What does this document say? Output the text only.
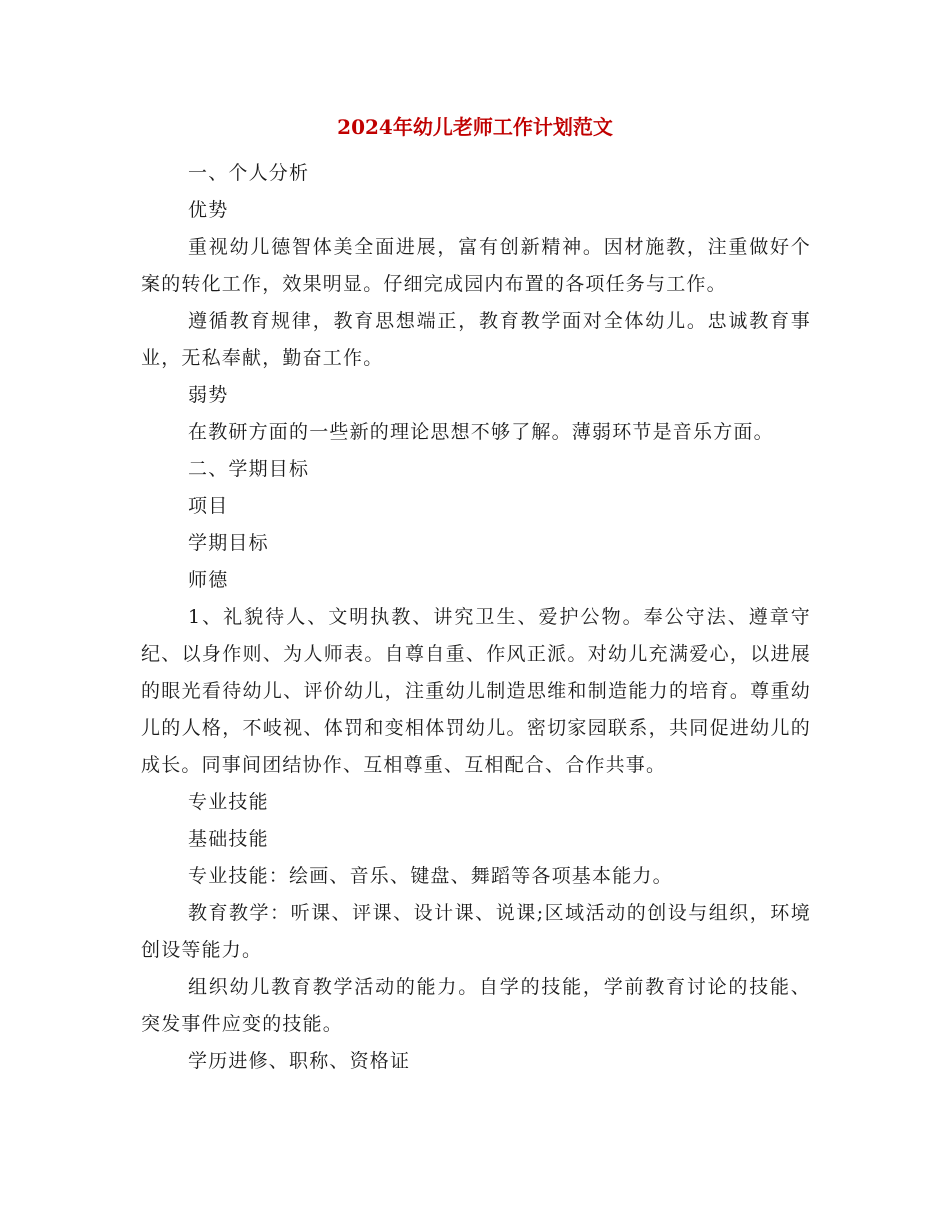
2024年幼儿老师工作计划范文

一、个人分析

优势

重视幼儿德智体美全面进展，富有创新精神。因材施教，注重做好个案的转化工作，效果明显。仔细完成园内布置的各项任务与工作。

遵循教育规律，教育思想端正，教育教学面对全体幼儿。忠诚教育事业，无私奉献，勤奋工作。

弱势

在教研方面的一些新的理论思想不够了解。薄弱环节是音乐方面。

二、学期目标

项目

学期目标

师德

1、礼貌待人、文明执教、讲究卫生、爱护公物。奉公守法、遵章守纪、以身作则、为人师表。自尊自重、作风正派。对幼儿充满爱心，以进展的眼光看待幼儿、评价幼儿，注重幼儿制造思维和制造能力的培育。尊重幼儿的人格，不岐视、体罚和变相体罚幼儿。密切家园联系，共同促进幼儿的成长。同事间团结协作、互相尊重、互相配合、合作共事。

专业技能

基础技能

专业技能：绘画、音乐、键盘、舞蹈等各项基本能力。

教育教学：听课、评课、设计课、说课;区域活动的创设与组织，环境创设等能力。

组织幼儿教育教学活动的能力。自学的技能，学前教育讨论的技能、突发事件应变的技能。

学历进修、职称、资格证
